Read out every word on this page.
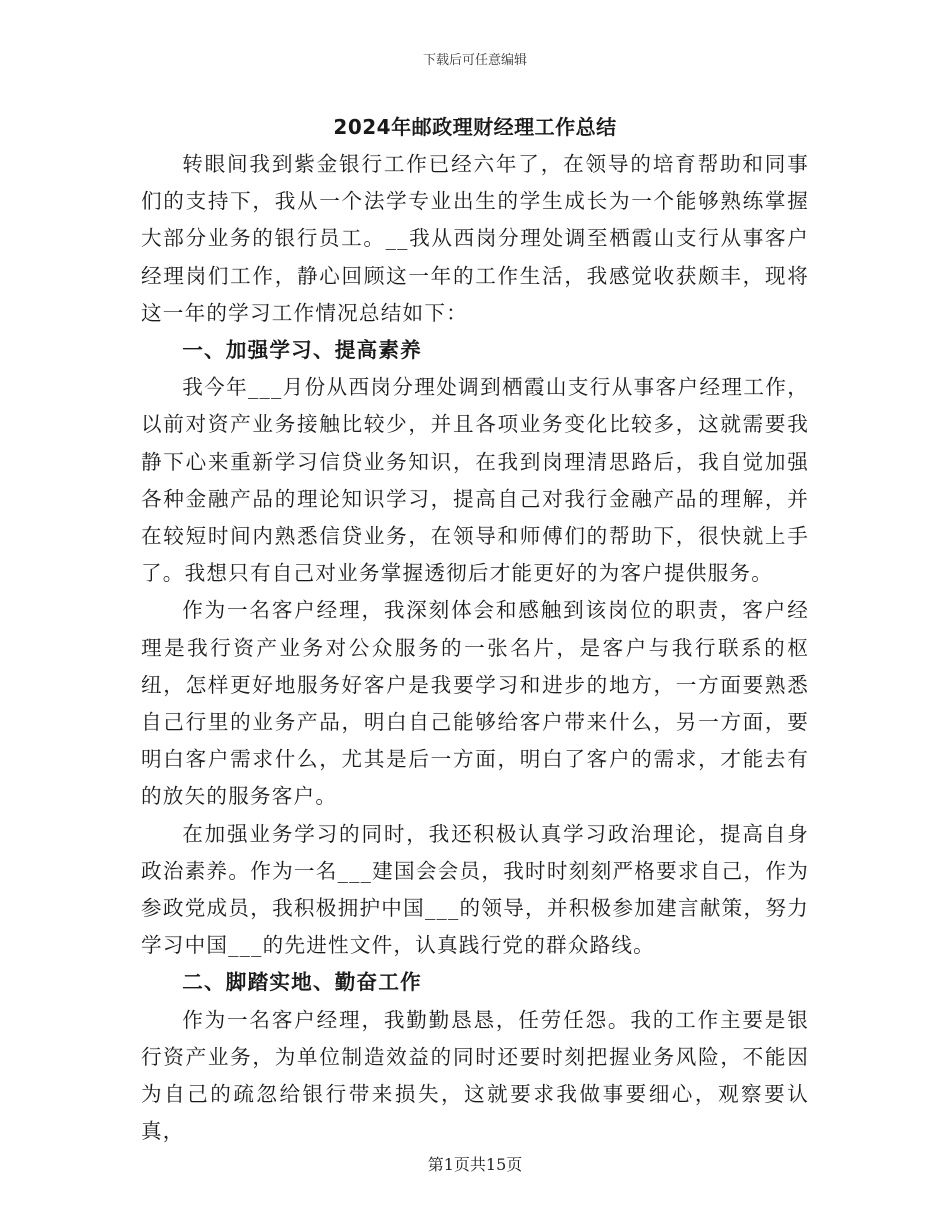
下载后可任意编辑
2024年邮政理财经理工作总结

转眼间我到紫金银行工作已经六年了，在领导的培育帮助和同事们的支持下，我从一个法学专业出生的学生成长为一个能够熟练掌握大部分业务的银行员工。__我从西岗分理处调至栖霞山支行从事客户经理岗们工作，静心回顾这一年的工作生活，我感觉收获颇丰，现将这一年的学习工作情况总结如下：

一、加强学习、提高素养

我今年___月份从西岗分理处调到栖霞山支行从事客户经理工作，以前对资产业务接触比较少，并且各项业务变化比较多，这就需要我静下心来重新学习信贷业务知识，在我到岗理清思路后，我自觉加强各种金融产品的理论知识学习，提高自己对我行金融产品的理解，并在较短时间内熟悉信贷业务，在领导和师傅们的帮助下，很快就上手了。我想只有自己对业务掌握透彻后才能更好的为客户提供服务。

作为一名客户经理，我深刻体会和感触到该岗位的职责，客户经理是我行资产业务对公众服务的一张名片，是客户与我行联系的枢纽，怎样更好地服务好客户是我要学习和进步的地方，一方面要熟悉自己行里的业务产品，明白自己能够给客户带来什么，另一方面，要明白客户需求什么，尤其是后一方面，明白了客户的需求，才能去有的放矢的服务客户。

在加强业务学习的同时，我还积极认真学习政治理论，提高自身政治素养。作为一名___建国会会员，我时时刻刻严格要求自己，作为参政党成员，我积极拥护中国___的领导，并积极参加建言献策，努力学习中国___的先进性文件，认真践行党的群众路线。

二、脚踏实地、勤奋工作

作为一名客户经理，我勤勤恳恳，任劳任怨。我的工作主要是银行资产业务，为单位制造效益的同时还要时刻把握业务风险，不能因为自己的疏忽给银行带来损失，这就要求我做事要细心，观察要认真，

第1页共15页
